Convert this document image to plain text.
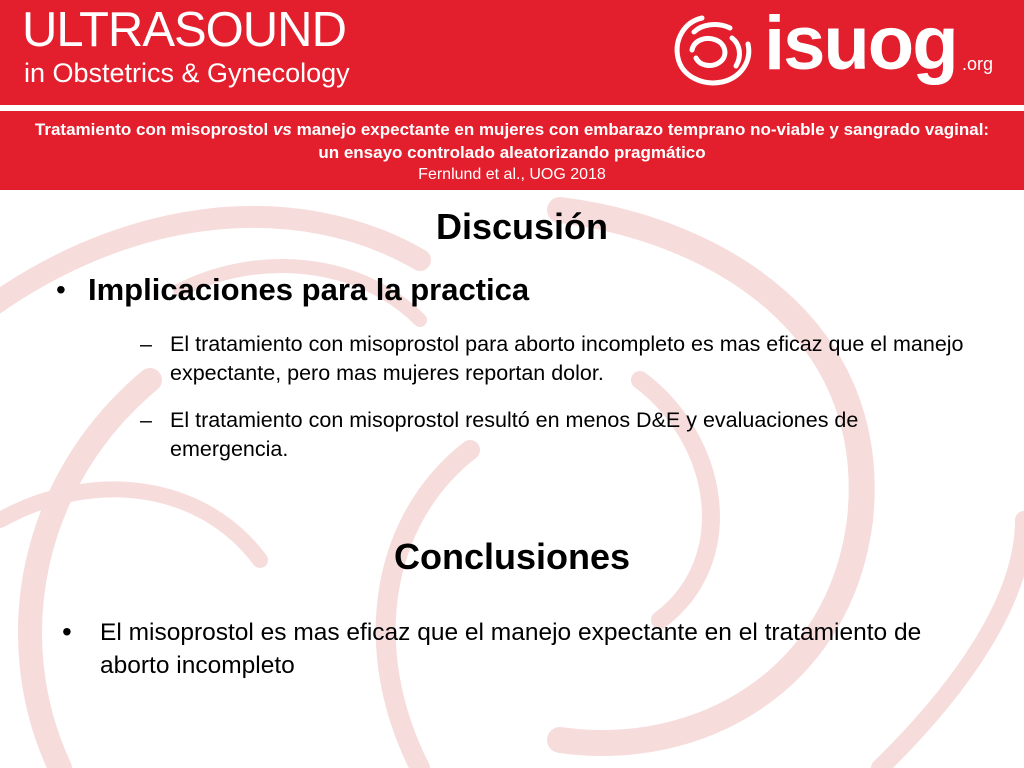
ULTRASOUND
in Obstetrics & Gynecology	isuog .org
Tratamiento con misoprostol vs manejo expectante en mujeres con embarazo temprano no-viable y sangrado vaginal: un ensayo controlado aleatorizando pragmático
Fernlund et al., UOG 2018
Discusión
• Implicaciones para la practica
– El tratamiento con misoprostol para aborto incompleto es mas eficaz que el manejo expectante, pero mas mujeres reportan dolor.
– El tratamiento con misoprostol resultó en menos D&E y evaluaciones de emergencia.
Conclusiones
• El misoprostol es mas eficaz que el manejo expectante en el tratamiento de aborto incompleto
